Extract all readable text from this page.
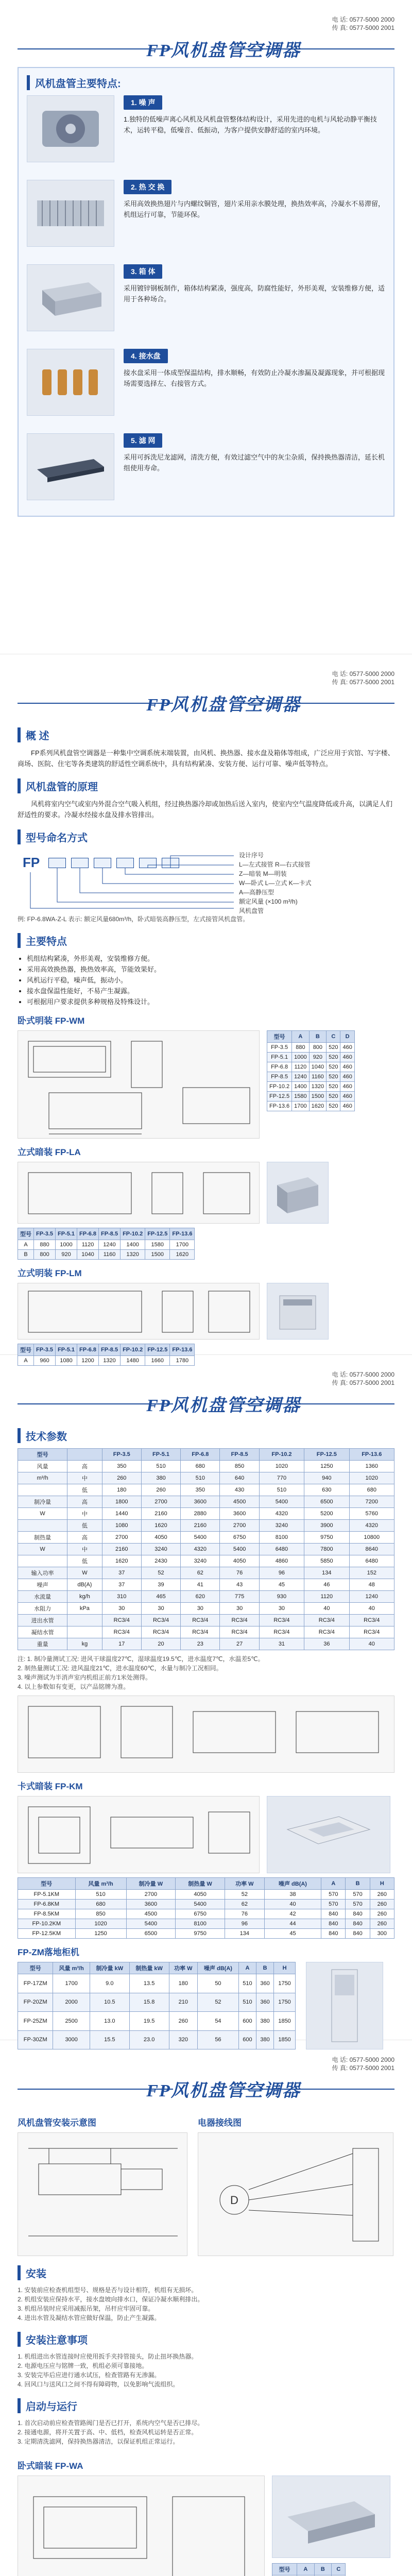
电 话: 0577-5000 2000
传 真: 0577-5000 2001
FP风机盘管空调器
风机盘管主要特点:
1. 噪 声
1.独特的低噪声离心风机及风机盘管整体结构设计，采用先进的电机与风轮动静平衡技术，运转平稳，低噪音、低振动，为客户提供安静舒适的室内环境。
2. 热 交 换
采用高效换热翅片与内螺纹铜管，翅片采用亲水膜处理，换热效率高，冷凝水不易滞留，机组运行可靠，节能环保。
3. 箱 体
采用镀锌钢板制作，箱体结构紧凑，强度高，防腐性能好，外形美观，安装维修方便，适用于各种场合。
4. 接水盘
接水盘采用一体成型保温结构，排水顺畅，有效防止冷凝水渗漏及凝露现象，并可根据现场需要选择左、右接管方式。
5. 滤 网
采用可拆洗尼龙滤网，清洗方便，有效过滤空气中的灰尘杂质，保持换热器清洁，延长机组使用寿命。
电 话: 0577-5000 2000
传 真: 0577-5000 2001
FP风机盘管空调器
概 述

FP系列风机盘管空调器是一种集中空调系统末端装置，由风机、换热器、接水盘及箱体等组成，广泛应用于宾馆、写字楼、商场、医院、住宅等各类建筑的舒适性空调系统中，具有结构紧凑、安装方便、运行可靠、噪声低等特点。

风机盘管的原理

风机将室内空气或室内外混合空气吸入机组，经过换热器冷却或加热后送入室内，使室内空气温度降低或升高，以满足人们舒适性的要求。冷凝水经接水盘及排水管排出。

型号命名方式
FP	设计序号
L—左式接管 R—右式接管
Z—暗装 M—明装
W—卧式 L—立式 K—卡式
A—高静压型
额定风量 (×100 m³/h)
风机盘管
例: FP-6.8WA-Z-L 表示: 额定风量680m³/h，卧式暗装高静压型，左式接管风机盘管。
主要特点
• 机组结构紧凑，外形美观，安装维修方便。
• 采用高效换热器，换热效率高，节能效果好。
• 风机运行平稳，噪声低，振动小。
• 接水盘保温性能好，不易产生凝露。
• 可根据用户要求提供多种规格及特殊设计。
卧式明装 FP-WM
型号	A	B	C	D
FP-3.5	880	800	520	460
FP-5.1	1000	920	520	460
FP-6.8	1120	1040	520	460
FP-8.5	1240	1160	520	460
FP-10.2	1400	1320	520	460
FP-12.5	1580	1500	520	460
FP-13.6	1700	1620	520	460
立式暗装 FP-LA
型号	FP-3.5	FP-5.1	FP-6.8	FP-8.5	FP-10.2	FP-12.5	FP-13.6
A	880	1000	1120	1240	1400	1580	1700
B	800	920	1040	1160	1320	1500	1620
立式明装 FP-LM
型号	FP-3.5	FP-5.1	FP-6.8	FP-8.5	FP-10.2	FP-12.5	FP-13.6
A	960	1080	1200	1320	1480	1660	1780
电 话: 0577-5000 2000
传 真: 0577-5000 2001
FP风机盘管空调器
技术参数
型号		FP-3.5	FP-5.1	FP-6.8	FP-8.5	FP-10.2	FP-12.5	FP-13.6
风量	高	350	510	680	850	1020	1250	1360
m³/h	中	260	380	510	640	770	940	1020
	低	180	260	350	430	510	630	680
制冷量	高	1800	2700	3600	4500	5400	6500	7200
W	中	1440	2160	2880	3600	4320	5200	5760
	低	1080	1620	2160	2700	3240	3900	4320
制热量	高	2700	4050	5400	6750	8100	9750	10800
W	中	2160	3240	4320	5400	6480	7800	8640
	低	1620	2430	3240	4050	4860	5850	6480
输入功率	W	37	52	62	76	96	134	152
噪声	dB(A)	37	39	41	43	45	46	48
水流量	kg/h	310	465	620	775	930	1120	1240
水阻力	kPa	30	30	30	30	30	40	40
进出水管		RC3/4	RC3/4	RC3/4	RC3/4	RC3/4	RC3/4	RC3/4
凝结水管		RC3/4	RC3/4	RC3/4	RC3/4	RC3/4	RC3/4	RC3/4
重量	kg	17	20	23	27	31	36	40
注: 1. 制冷量测试工况: 进风干球温度27℃，湿球温度19.5℃，进水温度7℃，水温差5℃。
2. 制热量测试工况: 进风温度21℃，进水温度60℃，水量与制冷工况相同。
3. 噪声测试为半消声室内机组正前方1米处测得。
4. 以上参数如有变更，以产品铭牌为准。
卡式暗装 FP-KM
型号	风量 m³/h	制冷量 W	制热量 W	功率 W	噪声 dB(A)	A	B	H
FP-5.1KM	510	2700	4050	52	38	570	570	260
FP-6.8KM	680	3600	5400	62	40	570	570	260
FP-8.5KM	850	4500	6750	76	42	840	840	260
FP-10.2KM	1020	5400	8100	96	44	840	840	260
FP-12.5KM	1250	6500	9750	134	45	840	840	300
FP-ZM落地柜机
型号	风量 m³/h	制冷量 kW	制热量 kW	功率 W	噪声 dB(A)	A	B	H
FP-17ZM	1700	9.0	13.5	180	50	510	360	1750
FP-20ZM	2000	10.5	15.8	210	52	510	360	1750
FP-25ZM	2500	13.0	19.5	260	54	600	380	1850
FP-30ZM	3000	15.5	23.0	320	56	600	380	1850
电 话: 0577-5000 2000
传 真: 0577-5000 2001
FP风机盘管空调器
风机盘管安装示意图	电器接线图
D
安装
1. 安装前应检查机组型号、规格是否与设计相符，机组有无损坏。
2. 机组安装应保持水平，接水盘坡向排水口，保证冷凝水顺利排出。
3. 机组吊装时应采用减振吊架，吊杆应牢固可靠。
4. 进出水管及凝结水管应做好保温，防止产生凝露。
安装注意事项
1. 机组进出水管连接时应使用扳手夹持管接头，防止扭坏换热器。
2. 电源电压应与铭牌一致，机组必须可靠接地。
3. 安装完毕后应进行通水试压，检查管路有无渗漏。
4. 回风口与送风口之间不得有障碍物，以免影响气流组织。
启动与运行
1. 首次启动前应检查管路阀门是否已打开，系统内空气是否已排尽。
2. 接通电源，将开关置于高、中、低档，检查风机运转是否正常。
3. 定期清洗滤网，保持换热器清洁，以保证机组正常运行。
卧式暗装 FP-WA
型号	A	B	C
